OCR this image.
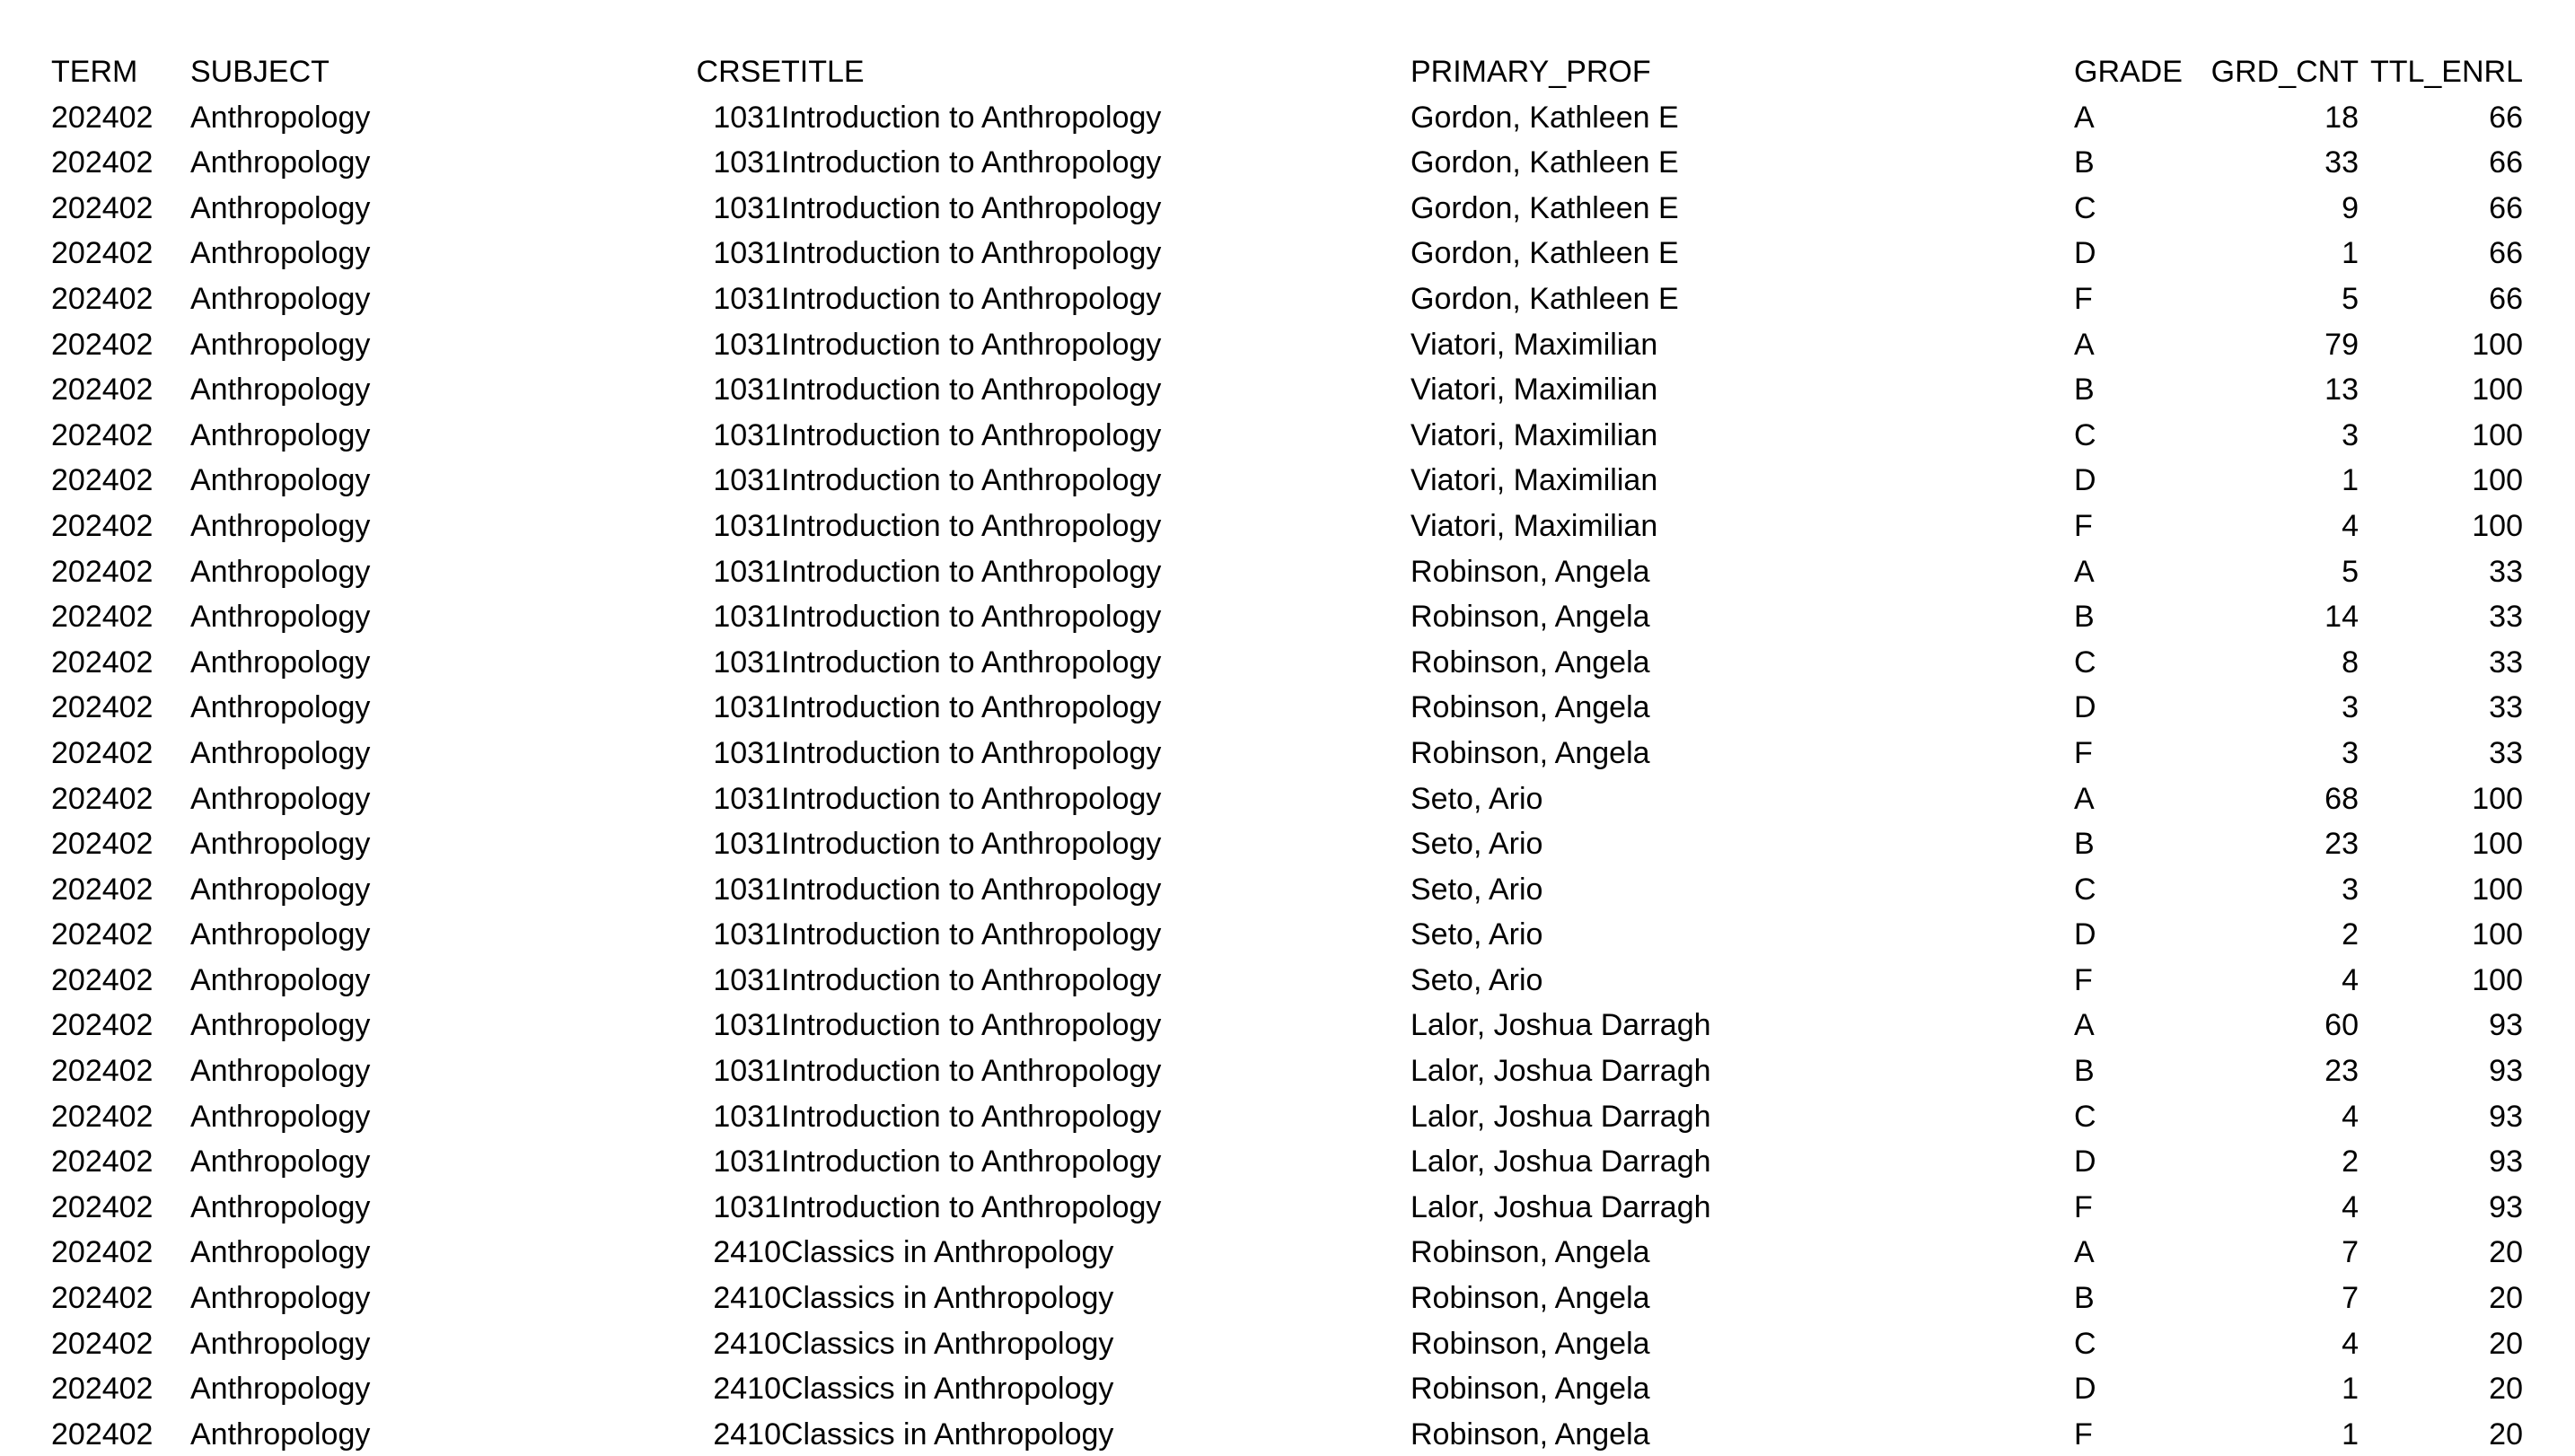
TERM	SUBJECT	CRSE	TITLE	PRIMARY_PROF	GRADE	GRD_CNT	TTL_ENRL
202402	Anthropology	1031	Introduction to Anthropology	Gordon, Kathleen E	A	18	66
202402	Anthropology	1031	Introduction to Anthropology	Gordon, Kathleen E	B	33	66
202402	Anthropology	1031	Introduction to Anthropology	Gordon, Kathleen E	C	9	66
202402	Anthropology	1031	Introduction to Anthropology	Gordon, Kathleen E	D	1	66
202402	Anthropology	1031	Introduction to Anthropology	Gordon, Kathleen E	F	5	66
202402	Anthropology	1031	Introduction to Anthropology	Viatori, Maximilian	A	79	100
202402	Anthropology	1031	Introduction to Anthropology	Viatori, Maximilian	B	13	100
202402	Anthropology	1031	Introduction to Anthropology	Viatori, Maximilian	C	3	100
202402	Anthropology	1031	Introduction to Anthropology	Viatori, Maximilian	D	1	100
202402	Anthropology	1031	Introduction to Anthropology	Viatori, Maximilian	F	4	100
202402	Anthropology	1031	Introduction to Anthropology	Robinson, Angela	A	5	33
202402	Anthropology	1031	Introduction to Anthropology	Robinson, Angela	B	14	33
202402	Anthropology	1031	Introduction to Anthropology	Robinson, Angela	C	8	33
202402	Anthropology	1031	Introduction to Anthropology	Robinson, Angela	D	3	33
202402	Anthropology	1031	Introduction to Anthropology	Robinson, Angela	F	3	33
202402	Anthropology	1031	Introduction to Anthropology	Seto, Ario	A	68	100
202402	Anthropology	1031	Introduction to Anthropology	Seto, Ario	B	23	100
202402	Anthropology	1031	Introduction to Anthropology	Seto, Ario	C	3	100
202402	Anthropology	1031	Introduction to Anthropology	Seto, Ario	D	2	100
202402	Anthropology	1031	Introduction to Anthropology	Seto, Ario	F	4	100
202402	Anthropology	1031	Introduction to Anthropology	Lalor, Joshua Darragh	A	60	93
202402	Anthropology	1031	Introduction to Anthropology	Lalor, Joshua Darragh	B	23	93
202402	Anthropology	1031	Introduction to Anthropology	Lalor, Joshua Darragh	C	4	93
202402	Anthropology	1031	Introduction to Anthropology	Lalor, Joshua Darragh	D	2	93
202402	Anthropology	1031	Introduction to Anthropology	Lalor, Joshua Darragh	F	4	93
202402	Anthropology	2410	Classics in Anthropology	Robinson, Angela	A	7	20
202402	Anthropology	2410	Classics in Anthropology	Robinson, Angela	B	7	20
202402	Anthropology	2410	Classics in Anthropology	Robinson, Angela	C	4	20
202402	Anthropology	2410	Classics in Anthropology	Robinson, Angela	D	1	20
202402	Anthropology	2410	Classics in Anthropology	Robinson, Angela	F	1	20
